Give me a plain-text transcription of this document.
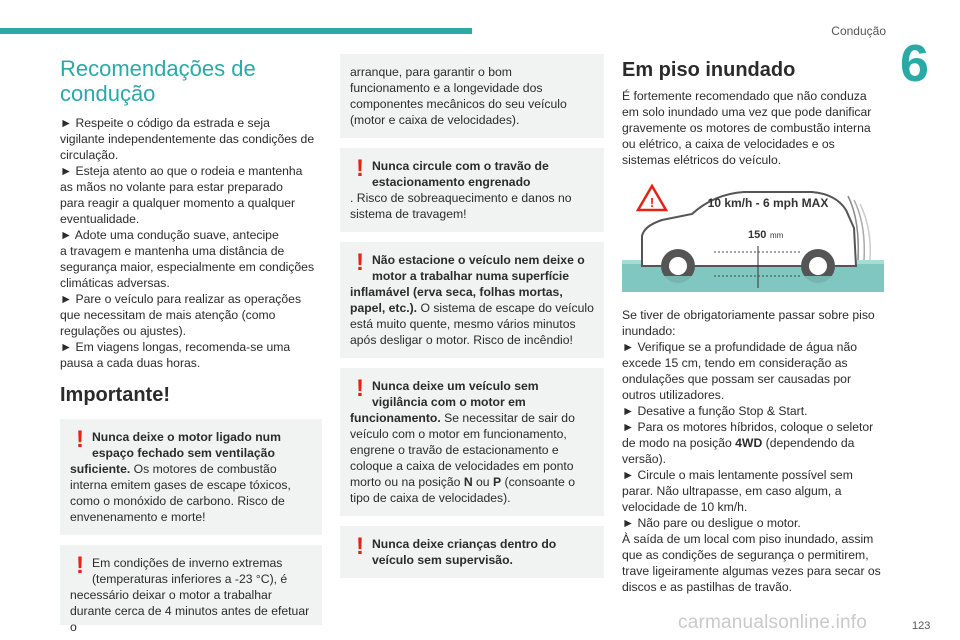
Condução
6
Recomendações de
condução
► Respeite o código da estrada e seja
vigilante independentemente das condições de
circulação.
► Esteja atento ao que o rodeia e mantenha
as mãos no volante para estar preparado
para reagir a qualquer momento a qualquer
eventualidade.
► Adote uma condução suave, antecipe
a travagem e mantenha uma distância de
segurança maior, especialmente em condições
climáticas adversas.
► Pare o veículo para realizar as operações
que necessitam de mais atenção (como
regulações ou ajustes).
► Em viagens longas, recomenda-se uma
pausa a cada duas horas.
Importante!
! Nunca deixe o motor ligado num
espaço fechado sem ventilação
suficiente. Os motores de combustão interna emitem gases de escape tóxicos, como o monóxido de carbono. Risco de envenenamento e morte!
! Em condições de inverno extremas
(temperaturas inferiores a -23 °C), é
necessário deixar o motor a trabalhar durante cerca de 4 minutos antes de efetuar o
arranque, para garantir o bom funcionamento e a longevidade dos componentes mecânicos do seu veículo (motor e caixa de velocidades).
! Nunca circule com o travão de
estacionamento engrenado
. Risco de sobreaquecimento e danos no sistema de travagem!
! Não estacione o veículo nem deixe o
motor a trabalhar numa superfície
inflamável (erva seca, folhas mortas, papel, etc.). O sistema de escape do veículo está muito quente, mesmo vários minutos após desligar o motor. Risco de incêndio!
! Nunca deixe um veículo sem
vigilância com o motor em
funcionamento. Se necessitar de sair do veículo com o motor em funcionamento, engrene o travão de estacionamento e coloque a caixa de velocidades em ponto morto ou na posição N ou P (consoante o tipo de caixa de velocidades).
! Nunca deixe crianças dentro do
veículo sem supervisão.
Em piso inundado
É fortemente recomendado que não conduza em solo inundado uma vez que pode danificar gravemente os motores de combustão interna ou elétrico, a caixa de velocidades e os sistemas elétricos do veículo.
!	10 km/h - 6 mph MAX
150 mm
Se tiver de obrigatoriamente passar sobre piso
inundado:
► Verifique se a profundidade de água não
excede 15 cm, tendo em consideração as
ondulações que possam ser causadas por
outros utilizadores.
► Desative a função Stop & Start.
► Para os motores híbridos, coloque o seletor
de modo na posição 4WD (dependendo da
versão).
► Circule o mais lentamente possível sem
parar. Não ultrapasse, em caso algum, a
velocidade de 10 km/h.
► Não pare ou desligue o motor.
À saída de um local com piso inundado, assim
que as condições de segurança o permitirem,
trave ligeiramente algumas vezes para secar os
discos e as pastilhas de travão.
carmanualsonline.info	123
